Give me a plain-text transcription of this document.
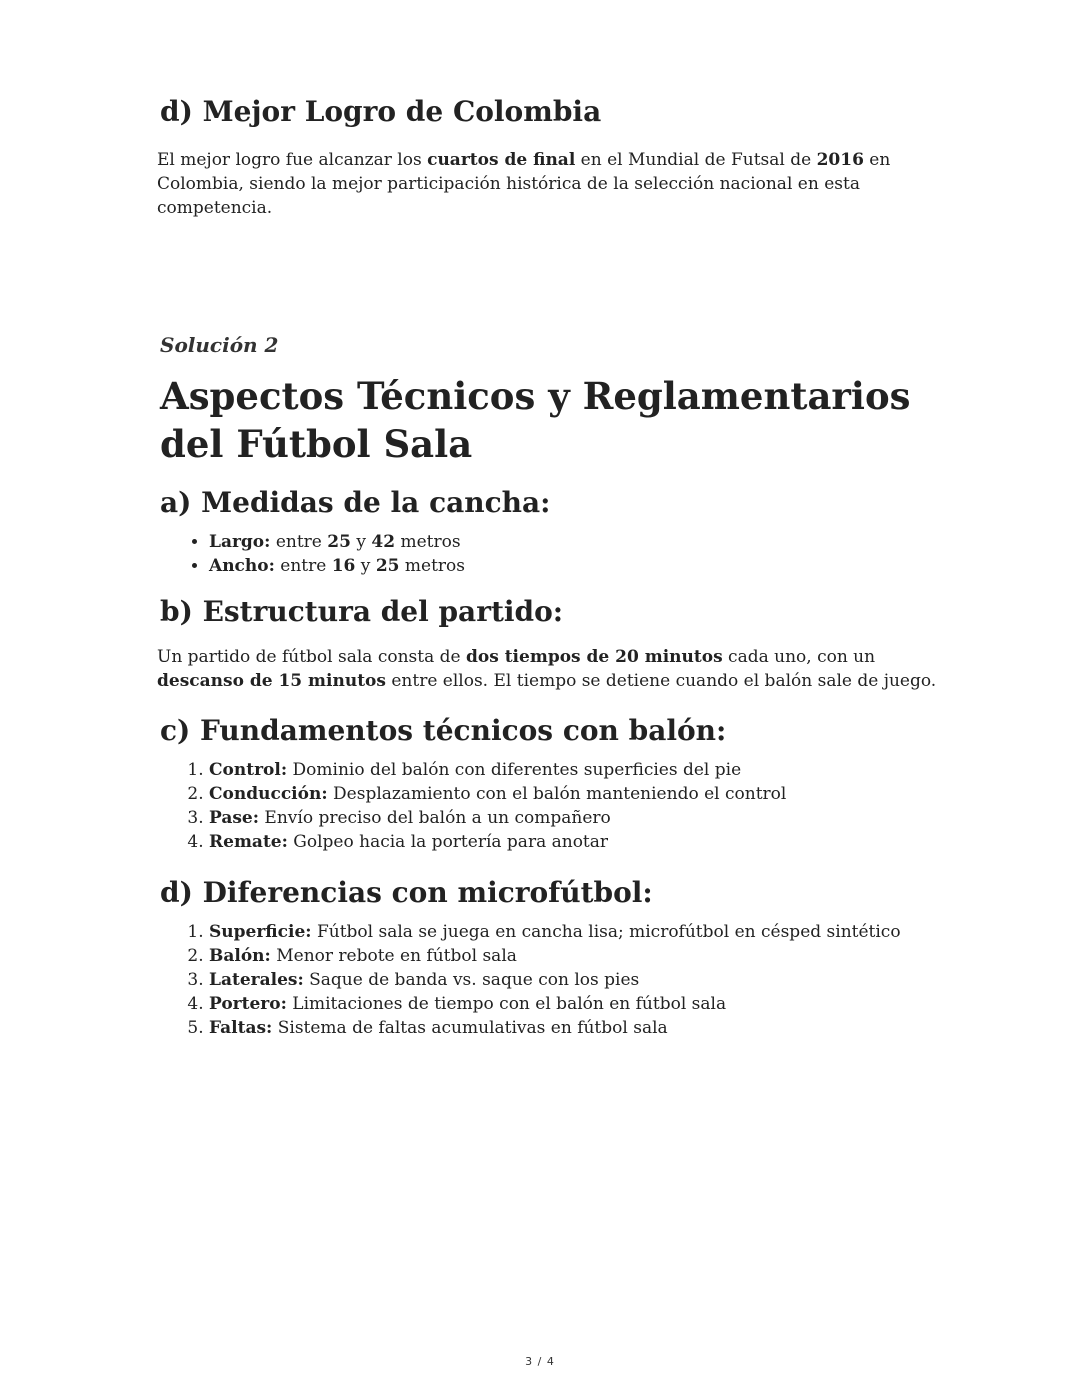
d) Mejor Logro de Colombia

El mejor logro fue alcanzar los cuartos de final en el Mundial de Futsal de 2016 en Colombia, siendo la mejor participación histórica de la selección nacional en esta competencia.

Solución 2
Aspectos Técnicos y Reglamentarios del Fútbol Sala
a) Medidas de la cancha:
• Largo: entre 25 y 42 metros
• Ancho: entre 16 y 25 metros
b) Estructura del partido:

Un partido de fútbol sala consta de dos tiempos de 20 minutos cada uno, con un descanso de 15 minutos entre ellos. El tiempo se detiene cuando el balón sale de juego.

c) Fundamentos técnicos con balón:
1. Control: Dominio del balón con diferentes superficies del pie
2. Conducción: Desplazamiento con el balón manteniendo el control
3. Pase: Envío preciso del balón a un compañero
4. Remate: Golpeo hacia la portería para anotar
d) Diferencias con microfútbol:
1. Superficie: Fútbol sala se juega en cancha lisa; microfútbol en césped sintético
2. Balón: Menor rebote en fútbol sala
3. Laterales: Saque de banda vs. saque con los pies
4. Portero: Limitaciones de tiempo con el balón en fútbol sala
5. Faltas: Sistema de faltas acumulativas en fútbol sala
3 / 4
